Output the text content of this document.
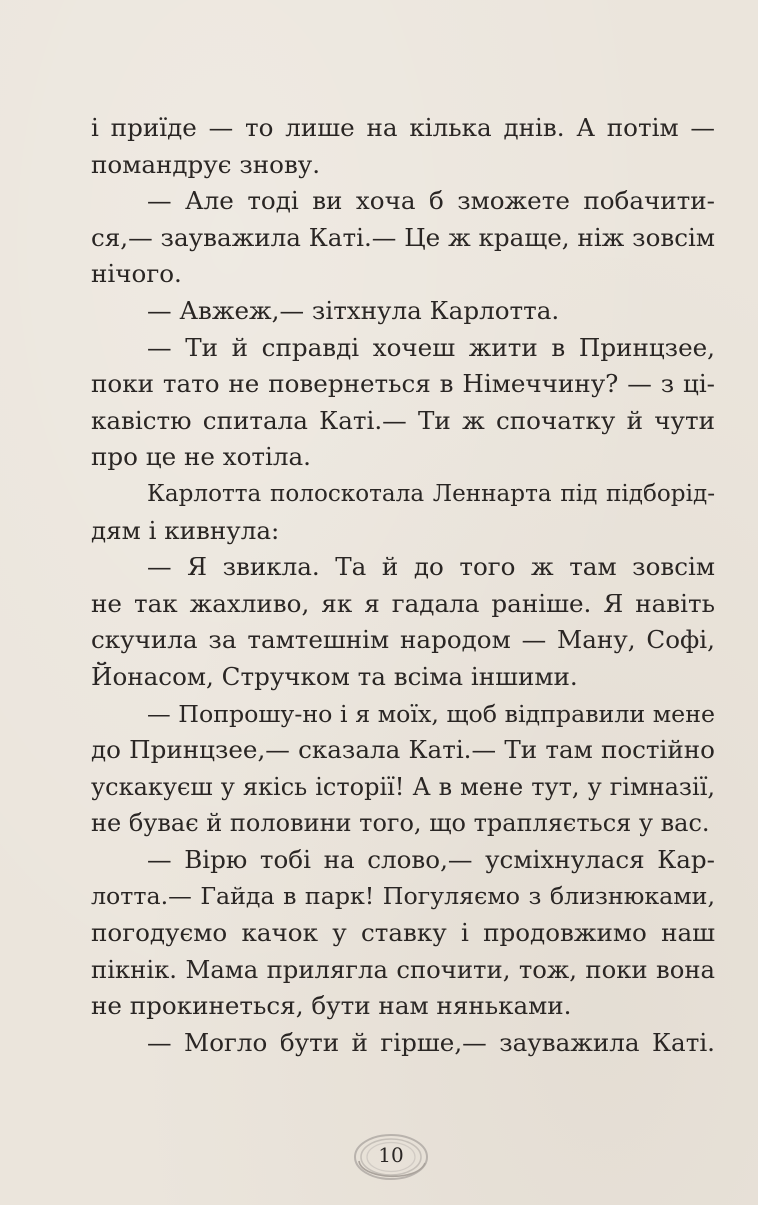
і приїде — то лише на кілька днів. А потім —
помандрує знову.
— Але тоді ви хоча б зможете побачити-
ся,— зауважила Каті.— Це ж краще, ніж зовсім
нічого.
— Авжеж,— зітхнула Карлотта.
— Ти й справді хочеш жити в Принцзее,
поки тато не повернеться в Німеччину? — з ці-
кавістю спитала Каті.— Ти ж спочатку й чути
про це не хотіла.
Карлотта полоскотала Леннарта під підборід-
дям і кивнула:
— Я звикла. Та й до того ж там зовсім
не так жахливо, як я гадала раніше. Я навіть
скучила за тамтешнім народом — Ману, Софі,
Йонасом, Стручком та всіма іншими.
— Попрошу-но і я моїх, щоб відправили мене
до Принцзее,— сказала Каті.— Ти там постійно
ускакуєш у якісь історії! А в мене тут, у гімназії,
не буває й половини того, що трапляється у вас.
— Вірю тобі на слово,— усміхнулася Кар-
лотта.— Гайда в парк! Погуляємо з близнюками,
погодуємо качок у ставку і продовжимо наш
пікнік. Мама прилягла спочити, тож, поки вона
не прокинеться, бути нам няньками.
— Могло бути й гірше,— зауважила Каті.
10
